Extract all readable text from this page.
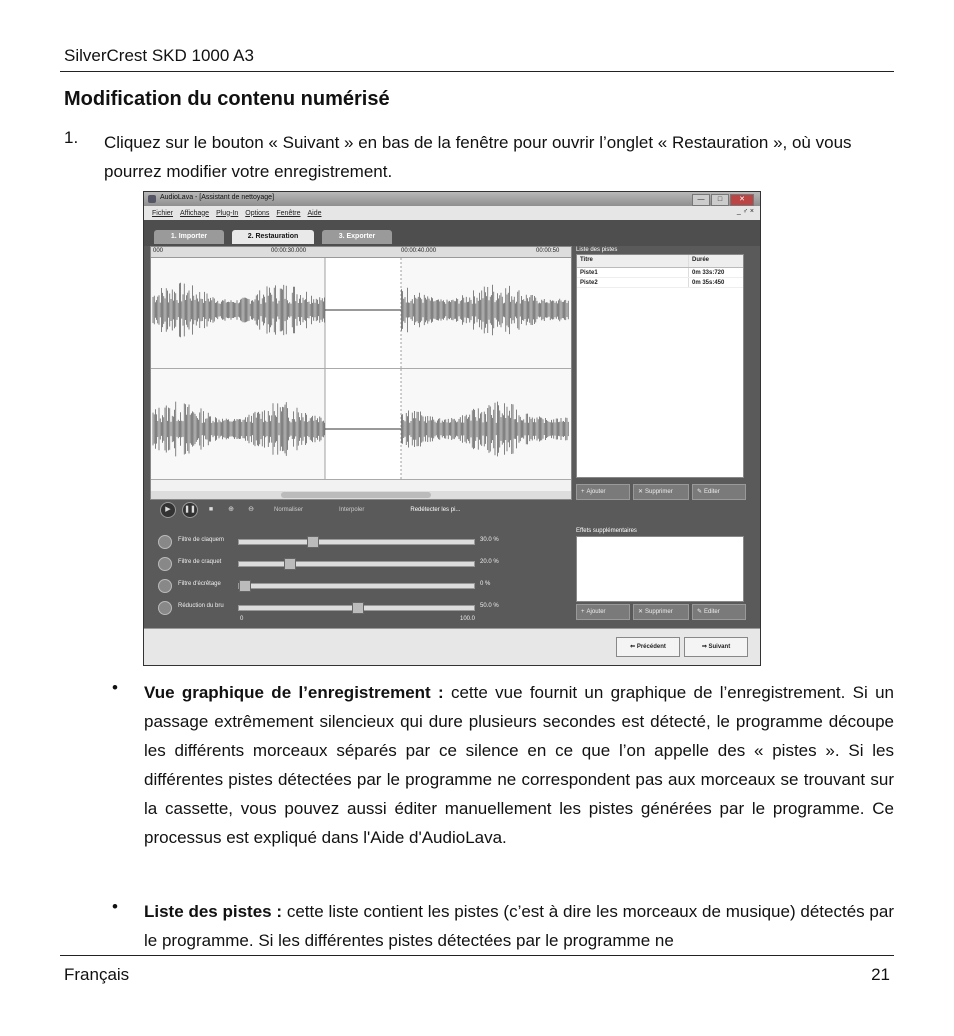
SilverCrest SKD 1000 A3
Modification du contenu numérisé
1. Cliquez sur le bouton « Suivant » en bas de la fenêtre pour ouvrir l’onglet « Restauration », où vous pourrez modifier votre enregistrement.
AudioLava - [Assistant de nettoyage]	—	□	✕
Fichier Affichage Plug-In Options Fenêtre Aide	_ ♂ ×
1. Importer	2. Restauration	3. Exporter
000	00:00:30.000	00:00:40.000	00:00:50	Liste des pistes
Titre	Durée
Piste1	0m 33s:720
Piste2	0m 35s:450
+ Ajouter	✕ Supprimer	✎ Editer
▶	❚❚	■	⊕	⊖	Normaliser	Interpoler	Redétecter les pi...
Filtre de claquem	30.0 %
Filtre de craquet	20.0 %
Filtre d'écrêtage	0 %
Réduction du bru	50.0 %
0	100.0
Effets supplémentaires
+ Ajouter	✕ Supprimer	✎ Editer
⇐ Précédent	⇒ Suivant
• Vue graphique de l’enregistrement : cette vue fournit un graphique de l’enregistrement. Si un passage extrêmement silencieux qui dure plusieurs secondes est détecté, le programme découpe les différents morceaux séparés par ce silence en ce que l’on appelle des « pistes ». Si les différentes pistes détectées par le programme ne correspondent pas aux morceaux se trouvant sur la cassette, vous pouvez aussi éditer manuellement les pistes générées par le programme. Ce processus est expliqué dans l'Aide d'AudioLava.
• Liste des pistes : cette liste contient les pistes (c’est à dire les morceaux de musique) détectés par le programme. Si les différentes pistes détectées par le programme ne
Français	21
